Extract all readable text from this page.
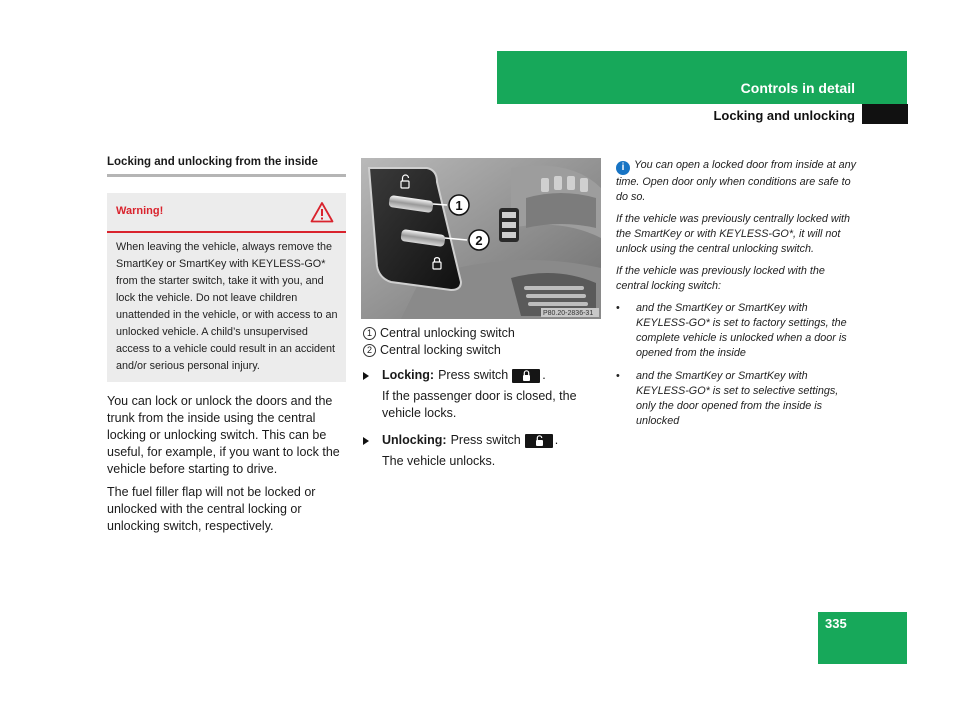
Controls in detail
Locking and unlocking
Locking and unlocking from the inside
Warning!
When leaving the vehicle, always remove the SmartKey or SmartKey with KEYLESS-GO* from the starter switch, take it with you, and lock the vehicle. Do not leave children unattended in the vehicle, or with access to an unlocked vehicle. A child’s unsupervised access to a vehicle could result in an accident and/or serious personal injury.

You can lock or unlock the doors and the trunk from the inside using the central locking or unlocking switch. This can be useful, for example, if you want to lock the vehicle before starting to drive.

The fuel filler flap will not be locked or unlocked with the central locking or unlocking switch, respectively.

1
2
P80.20-2836-31
1 Central unlocking switch
2 Central locking switch
Locking: Press switch	.
If the passenger door is closed, the vehicle locks.
Unlocking: Press switch	.
The vehicle unlocks.

i You can open a locked door from inside at any time. Open door only when conditions are safe to do so.

If the vehicle was previously centrally locked with the SmartKey or with KEYLESS-GO*, it will not unlock using the central unlocking switch.

If the vehicle was previously locked with the central locking switch:

•	and the SmartKey or SmartKey with KEYLESS-GO* is set to factory settings, the complete vehicle is unlocked when a door is opened from the inside
•	and the SmartKey or SmartKey with KEYLESS-GO* is set to selective settings, only the door opened from the inside is unlocked
335
